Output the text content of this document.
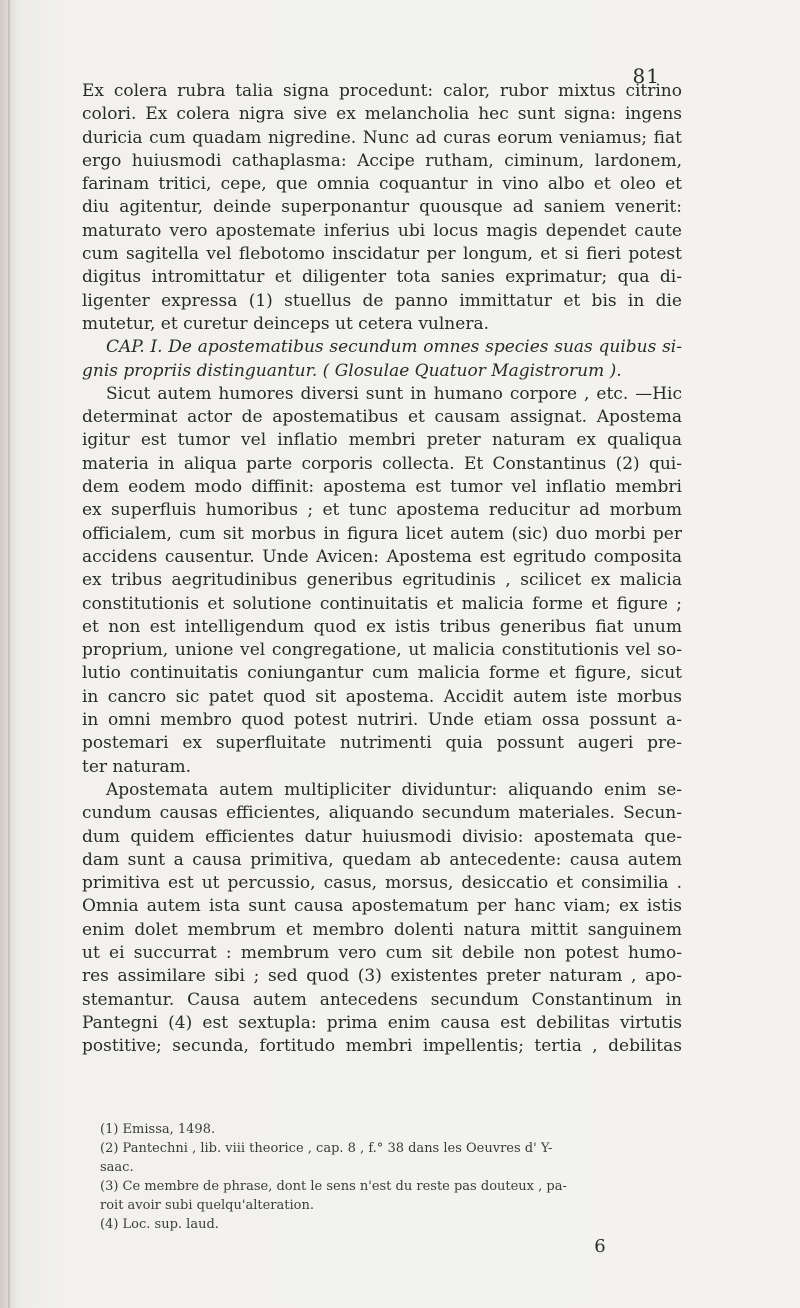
81
Ex colera rubra talia signa procedunt: calor, rubor mixtus citrino
colori. Ex colera nigra sive ex melancholia hec sunt signa: ingens
duricia cum quadam nigredine. Nunc ad curas eorum veniamus; fiat
ergo huiusmodi cathaplasma: Accipe rutham, ciminum, lardonem,
farinam tritici, cepe, que omnia coquantur in vino albo et oleo et
diu agitentur, deinde superponantur quousque ad saniem venerit:
maturato vero apostemate inferius ubi locus magis dependet caute
cum sagitella vel flebotomo inscidatur per longum, et si fieri potest
digitus intromittatur et diligenter tota sanies exprimatur; qua di-
ligenter expressa (1) stuellus de panno immittatur et bis in die
mutetur, et curetur deinceps ut cetera vulnera.
CAP. I. De apostematibus secundum omnes species suas quibus si-
gnis propriis distinguantur. ( Glosulae Quatuor Magistrorum ).
Sicut autem humores diversi sunt in humano corpore , etc. —Hic
determinat actor de apostematibus et causam assignat. Apostema
igitur est tumor vel inflatio membri preter naturam ex qualiqua
materia in aliqua parte corporis collecta. Et Constantinus (2) qui-
dem eodem modo diffinit: apostema est tumor vel inflatio membri
ex superfluis humoribus ; et tunc apostema reducitur ad morbum
officialem, cum sit morbus in figura licet autem (sic) duo morbi per
accidens causentur. Unde Avicen: Apostema est egritudo composita
ex tribus aegritudinibus generibus egritudinis , scilicet ex malicia
constitutionis et solutione continuitatis et malicia forme et figure ;
et non est intelligendum quod ex istis tribus generibus fiat unum
proprium, unione vel congregatione, ut malicia constitutionis vel so-
lutio continuitatis coniungantur cum malicia forme et figure, sicut
in cancro sic patet quod sit apostema. Accidit autem iste morbus
in omni membro quod potest nutriri. Unde etiam ossa possunt a-
postemari ex superfluitate nutrimenti quia possunt augeri pre-
ter naturam.
Apostemata autem multipliciter dividuntur: aliquando enim se-
cundum causas efficientes, aliquando secundum materiales. Secun-
dum quidem efficientes datur huiusmodi divisio: apostemata que-
dam sunt a causa primitiva, quedam ab antecedente: causa autem
primitiva est ut percussio, casus, morsus, desiccatio et consimilia .
Omnia autem ista sunt causa apostematum per hanc viam; ex istis
enim dolet membrum et membro dolenti natura mittit sanguinem
ut ei succurrat : membrum vero cum sit debile non potest humo-
res assimilare sibi ; sed quod (3) existentes preter naturam , apo-
stemantur. Causa autem antecedens secundum Constantinum in
Pantegni (4) est sextupla: prima enim causa est debilitas virtutis
postitive; secunda, fortitudo membri impellentis; tertia , debilitas
(1) Emissa, 1498.
(2) Pantechni , lib. viii theorice , cap. 8 , f.° 38 dans les Oeuvres d' Y-
saac.
(3) Ce membre de phrase, dont le sens n'est du reste pas douteux , pa-
roit avoir subi quelqu'alteration.
(4) Loc. sup. laud.
6
